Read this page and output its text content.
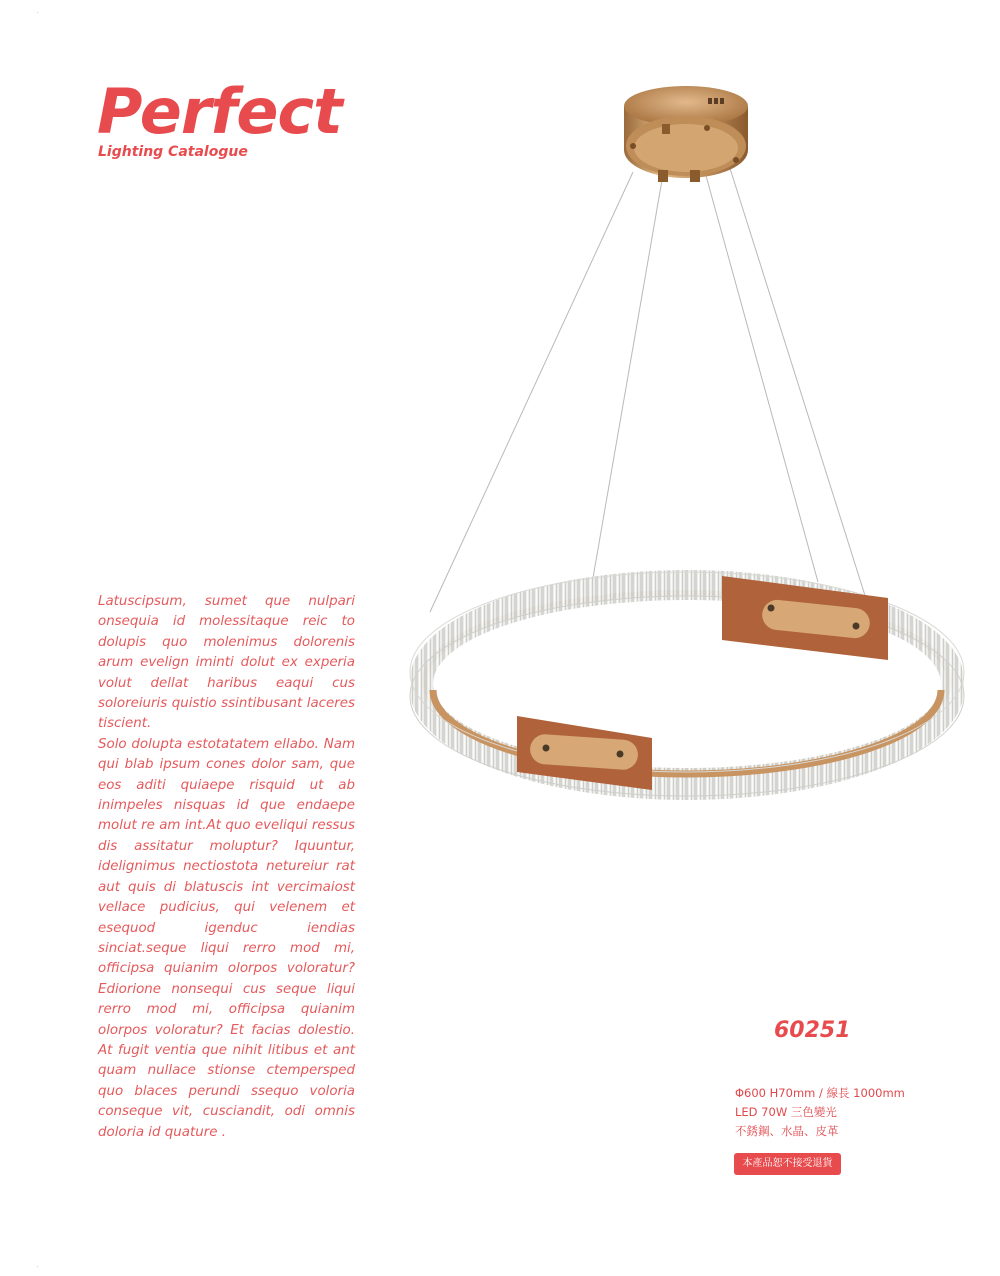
Perfect
Lighting Catalogue

Latuscipsum, sumet que nulpari onsequia id molessitaque reic to dolupis quo molenimus dolorenis arum evelign iminti dolut ex experia volut dellat haribus eaqui cus soloreiuris quistio ssintibusant laceres tiscient.

Solo dolupta estotatatem ellabo. Nam qui blab ipsum cones dolor sam, que eos aditi quiaepe risquid ut ab inimpeles nisquas id que endaepe molut re am int.At quo eveliqui ressus dis assitatur moluptur? Iquuntur, idelignimus nectiostota netureiur rat aut quis di blatuscis int vercimaiost vellace pudicius, qui velenem et esequod igenduc iendias sinciat.seque liqui rerro mod mi, officipsa quianim olorpos voloratur?Ediorione nonsequi cus seque liqui rerro mod mi, officipsa quianim olorpos voloratur? Et facias dolestio. At fugit ventia que nihit litibus et ant quam nullace stionse ctempersped quo blaces perundi ssequo voloria conseque vit, cusciandit, odi omnis doloria id quature .

60251
Φ600 H70mm / 線長 1000mm
LED 70W 三色變光
不銹鋼、水晶、皮革
本產品恕不接受退貨
